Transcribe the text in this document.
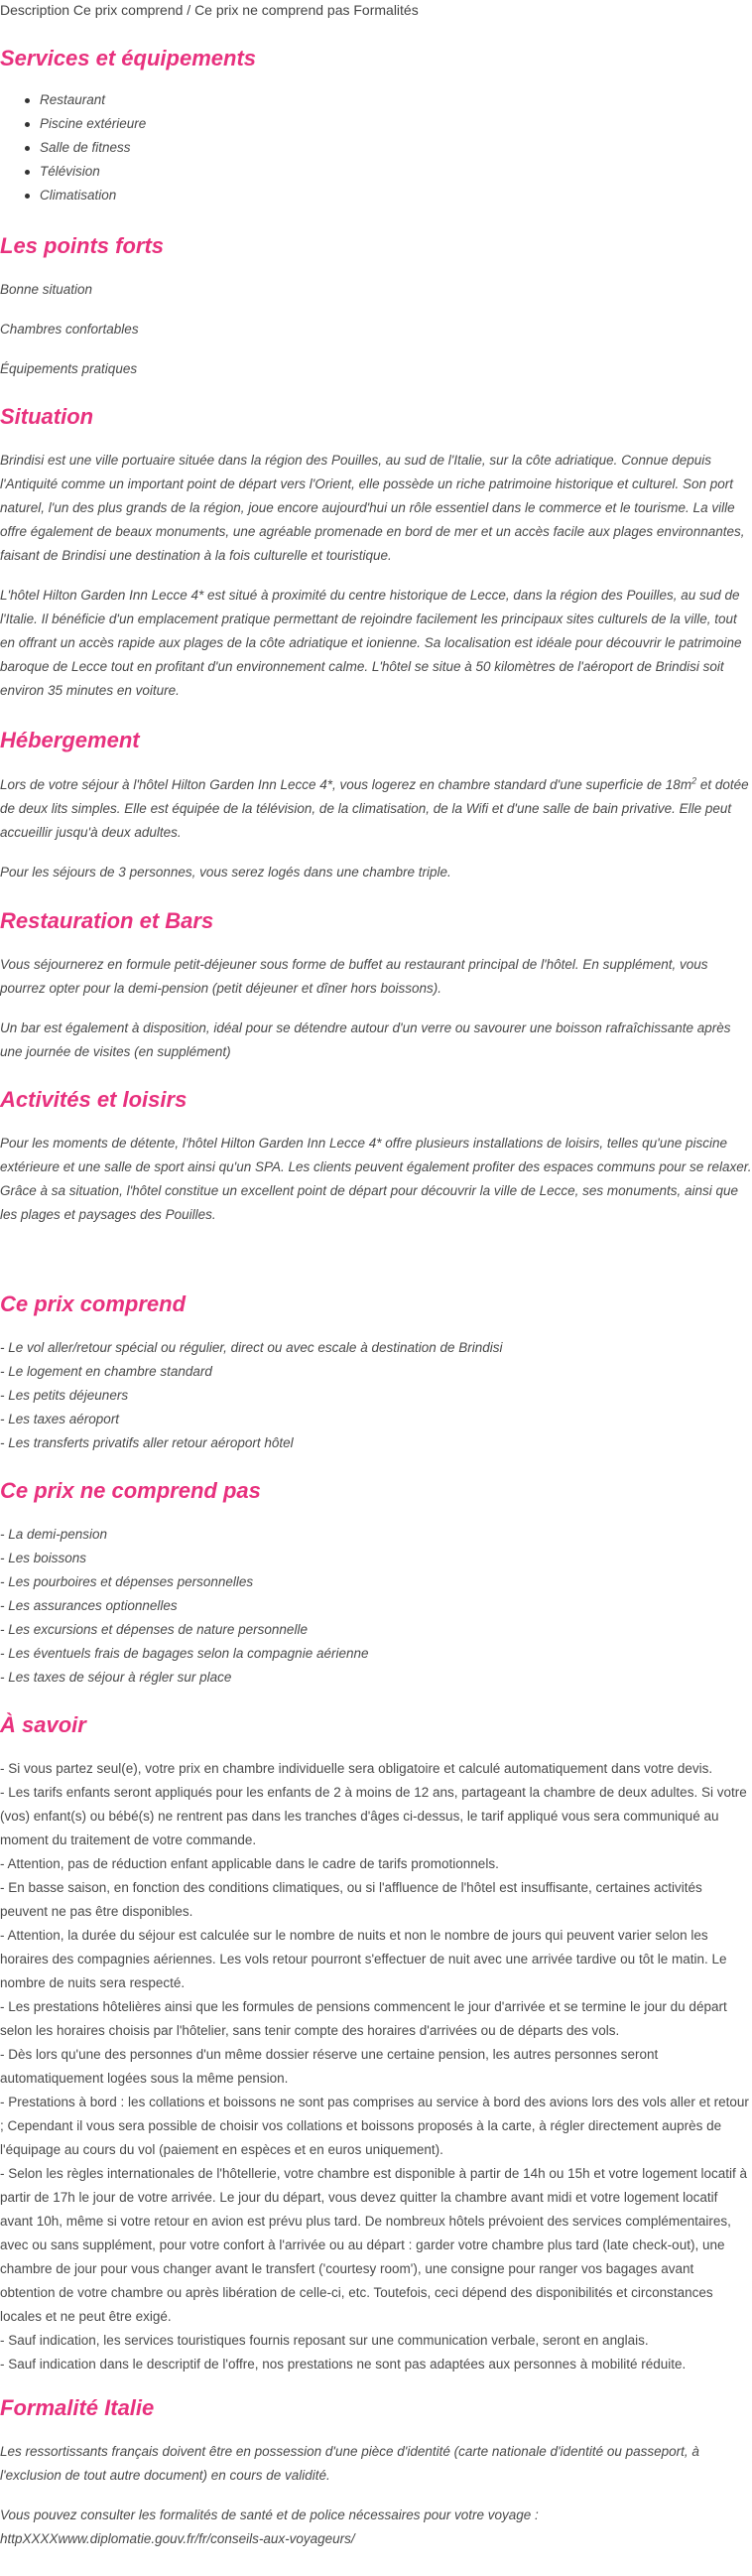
Description Ce prix comprend / Ce prix ne comprend pas Formalités
Services et équipements
Restaurant
Piscine extérieure
Salle de fitness
Télévision
Climatisation
Les points forts

Bonne situation

Chambres confortables

Équipements pratiques

Situation

Brindisi est une ville portuaire située dans la région des Pouilles, au sud de l'Italie, sur la côte adriatique. Connue depuis l'Antiquité comme un important point de départ vers l'Orient, elle possède un riche patrimoine historique et culturel. Son port naturel, l'un des plus grands de la région, joue encore aujourd'hui un rôle essentiel dans le commerce et le tourisme. La ville offre également de beaux monuments, une agréable promenade en bord de mer et un accès facile aux plages environnantes, faisant de Brindisi une destination à la fois culturelle et touristique.

L'hôtel Hilton Garden Inn Lecce 4* est situé à proximité du centre historique de Lecce, dans la région des Pouilles, au sud de l'Italie. Il bénéficie d'un emplacement pratique permettant de rejoindre facilement les principaux sites culturels de la ville, tout en offrant un accès rapide aux plages de la côte adriatique et ionienne. Sa localisation est idéale pour découvrir le patrimoine baroque de Lecce tout en profitant d'un environnement calme. L'hôtel se situe à 50 kilomètres de l'aéroport de Brindisi soit environ 35 minutes en voiture.

Hébergement

Lors de votre séjour à l'hôtel Hilton Garden Inn Lecce 4*, vous logerez en chambre standard d'une superficie de $18m^2$ et dotée de deux lits simples. Elle est équipée de la télévision, de la climatisation, de la Wifi et d'une salle de bain privative. Elle peut accueillir jusqu'à deux adultes.

Pour les séjours de 3 personnes, vous serez logés dans une chambre triple.

Restauration et Bars

Vous séjournerez en formule petit-déjeuner sous forme de buffet au restaurant principal de l'hôtel. En supplément, vous pourrez opter pour la demi-pension (petit déjeuner et dîner hors boissons).

Un bar est également à disposition, idéal pour se détendre autour d'un verre ou savourer une boisson rafraîchissante après une journée de visites (en supplément)

Activités et loisirs

Pour les moments de détente, l'hôtel Hilton Garden Inn Lecce 4* offre plusieurs installations de loisirs, telles qu'une piscine extérieure et une salle de sport ainsi qu'un SPA. Les clients peuvent également profiter des espaces communs pour se relaxer. Grâce à sa situation, l'hôtel constitue un excellent point de départ pour découvrir la ville de Lecce, ses monuments, ainsi que les plages et paysages des Pouilles.

Ce prix comprend
- Le vol aller/retour spécial ou régulier, direct ou avec escale à destination de Brindisi
- Le logement en chambre standard
- Les petits déjeuners
- Les taxes aéroport
- Les transferts privatifs aller retour aéroport hôtel
Ce prix ne comprend pas
- La demi-pension
- Les boissons
- Les pourboires et dépenses personnelles
- Les assurances optionnelles
- Les excursions et dépenses de nature personnelle
- Les éventuels frais de bagages selon la compagnie aérienne
- Les taxes de séjour à régler sur place
À savoir
- Si vous partez seul(e), votre prix en chambre individuelle sera obligatoire et calculé automatiquement dans votre devis.
- Les tarifs enfants seront appliqués pour les enfants de 2 à moins de 12 ans, partageant la chambre de deux adultes. Si votre (vos) enfant(s) ou bébé(s) ne rentrent pas dans les tranches d'âges ci-dessus, le tarif appliqué vous sera communiqué au moment du traitement de votre commande.
- Attention, pas de réduction enfant applicable dans le cadre de tarifs promotionnels.
- En basse saison, en fonction des conditions climatiques, ou si l'affluence de l'hôtel est insuffisante, certaines activités peuvent ne pas être disponibles.
- Attention, la durée du séjour est calculée sur le nombre de nuits et non le nombre de jours qui peuvent varier selon les horaires des compagnies aériennes. Les vols retour pourront s'effectuer de nuit avec une arrivée tardive ou tôt le matin. Le nombre de nuits sera respecté.
- Les prestations hôtelières ainsi que les formules de pensions commencent le jour d'arrivée et se termine le jour du départ selon les horaires choisis par l'hôtelier, sans tenir compte des horaires d'arrivées ou de départs des vols.
- Dès lors qu'une des personnes d'un même dossier réserve une certaine pension, les autres personnes seront automatiquement logées sous la même pension.
- Prestations à bord : les collations et boissons ne sont pas comprises au service à bord des avions lors des vols aller et retour ; Cependant il vous sera possible de choisir vos collations et boissons proposés à la carte, à régler directement auprès de l'équipage au cours du vol (paiement en espèces et en euros uniquement).
- Selon les règles internationales de l'hôtellerie, votre chambre est disponible à partir de 14h ou 15h et votre logement locatif à partir de 17h le jour de votre arrivée. Le jour du départ, vous devez quitter la chambre avant midi et votre logement locatif avant 10h, même si votre retour en avion est prévu plus tard. De nombreux hôtels prévoient des services complémentaires, avec ou sans supplément, pour votre confort à l'arrivée ou au départ : garder votre chambre plus tard (late check-out), une chambre de jour pour vous changer avant le transfert ('courtesy room'), une consigne pour ranger vos bagages avant obtention de votre chambre ou après libération de celle-ci, etc. Toutefois, ceci dépend des disponibilités et circonstances locales et ne peut être exigé.
- Sauf indication, les services touristiques fournis reposant sur une communication verbale, seront en anglais.
- Sauf indication dans le descriptif de l'offre, nos prestations ne sont pas adaptées aux personnes à mobilité réduite.
Formalité Italie

Les ressortissants français doivent être en possession d'une pièce d'identité (carte nationale d'identité ou passeport, à l'exclusion de tout autre document) en cours de validité.

Vous pouvez consulter les formalités de santé et de police nécessaires pour votre voyage :
httpXXXXwww.diplomatie.gouv.fr/fr/conseils-aux-voyageurs/
